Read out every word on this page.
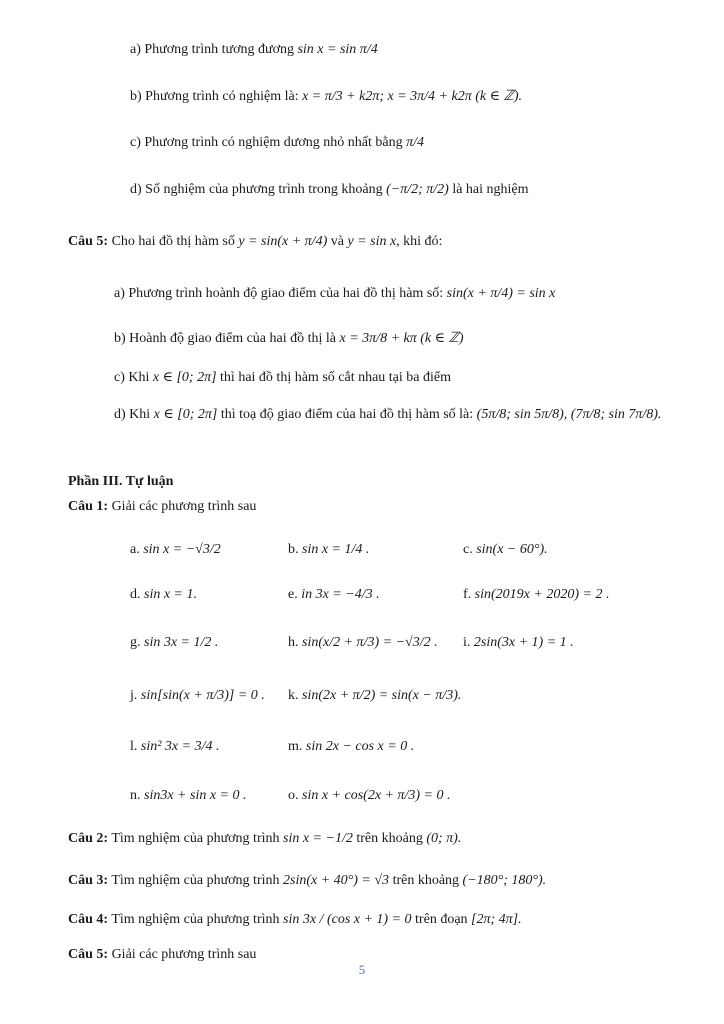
a) Phương trình tương đương sin x = sin π/4
b) Phương trình có nghiệm là: x = π/3 + k2π; x = 3π/4 + k2π (k ∈ ℤ).
c) Phương trình có nghiệm dương nhỏ nhất bằng π/4
d) Số nghiệm của phương trình trong khoảng (−π/2; π/2) là hai nghiệm
Câu 5: Cho hai đồ thị hàm số y = sin(x + π/4) và y = sin x, khi đó:
a) Phương trình hoành độ giao điểm của hai đồ thị hàm số: sin(x + π/4) = sin x
b) Hoành độ giao điểm của hai đồ thị là x = 3π/8 + kπ (k ∈ ℤ)
c) Khi x ∈ [0; 2π] thì hai đồ thị hàm số cắt nhau tại ba điểm
d) Khi x ∈ [0; 2π] thì toạ độ giao điểm của hai đồ thị hàm số là: (5π/8; sin 5π/8), (7π/8; sin 7π/8).
Phần III. Tự luận
Câu 1: Giải các phương trình sau
a. sin x = −√3/2	b. sin x = 1/4 .	c. sin(x − 60°).
d. sin x = 1.	e. in 3x = −4/3 .	f. sin(2019x + 2020) = 2 .
g. sin 3x = 1/2 .	h. sin(x/2 + π/3) = −√3/2 . i. 2sin(3x + 1) = 1 .
j. sin[sin(x + π/3)] = 0 . k. sin(2x + π/2) = sin(x − π/3).
l. sin² 3x = 3/4 .	m. sin 2x − cos x = 0 .
n. sin3x + sin x = 0 .	o. sin x + cos(2x + π/3) = 0 .
Câu 2: Tìm nghiệm của phương trình sin x = −1/2 trên khoảng (0; π).
Câu 3: Tìm nghiệm của phương trình 2sin(x + 40°) = √3 trên khoảng (−180°; 180°).
Câu 4: Tìm nghiệm của phương trình sin 3x / (cos x + 1) = 0 trên đoạn [2π; 4π].
Câu 5: Giải các phương trình sau
5
